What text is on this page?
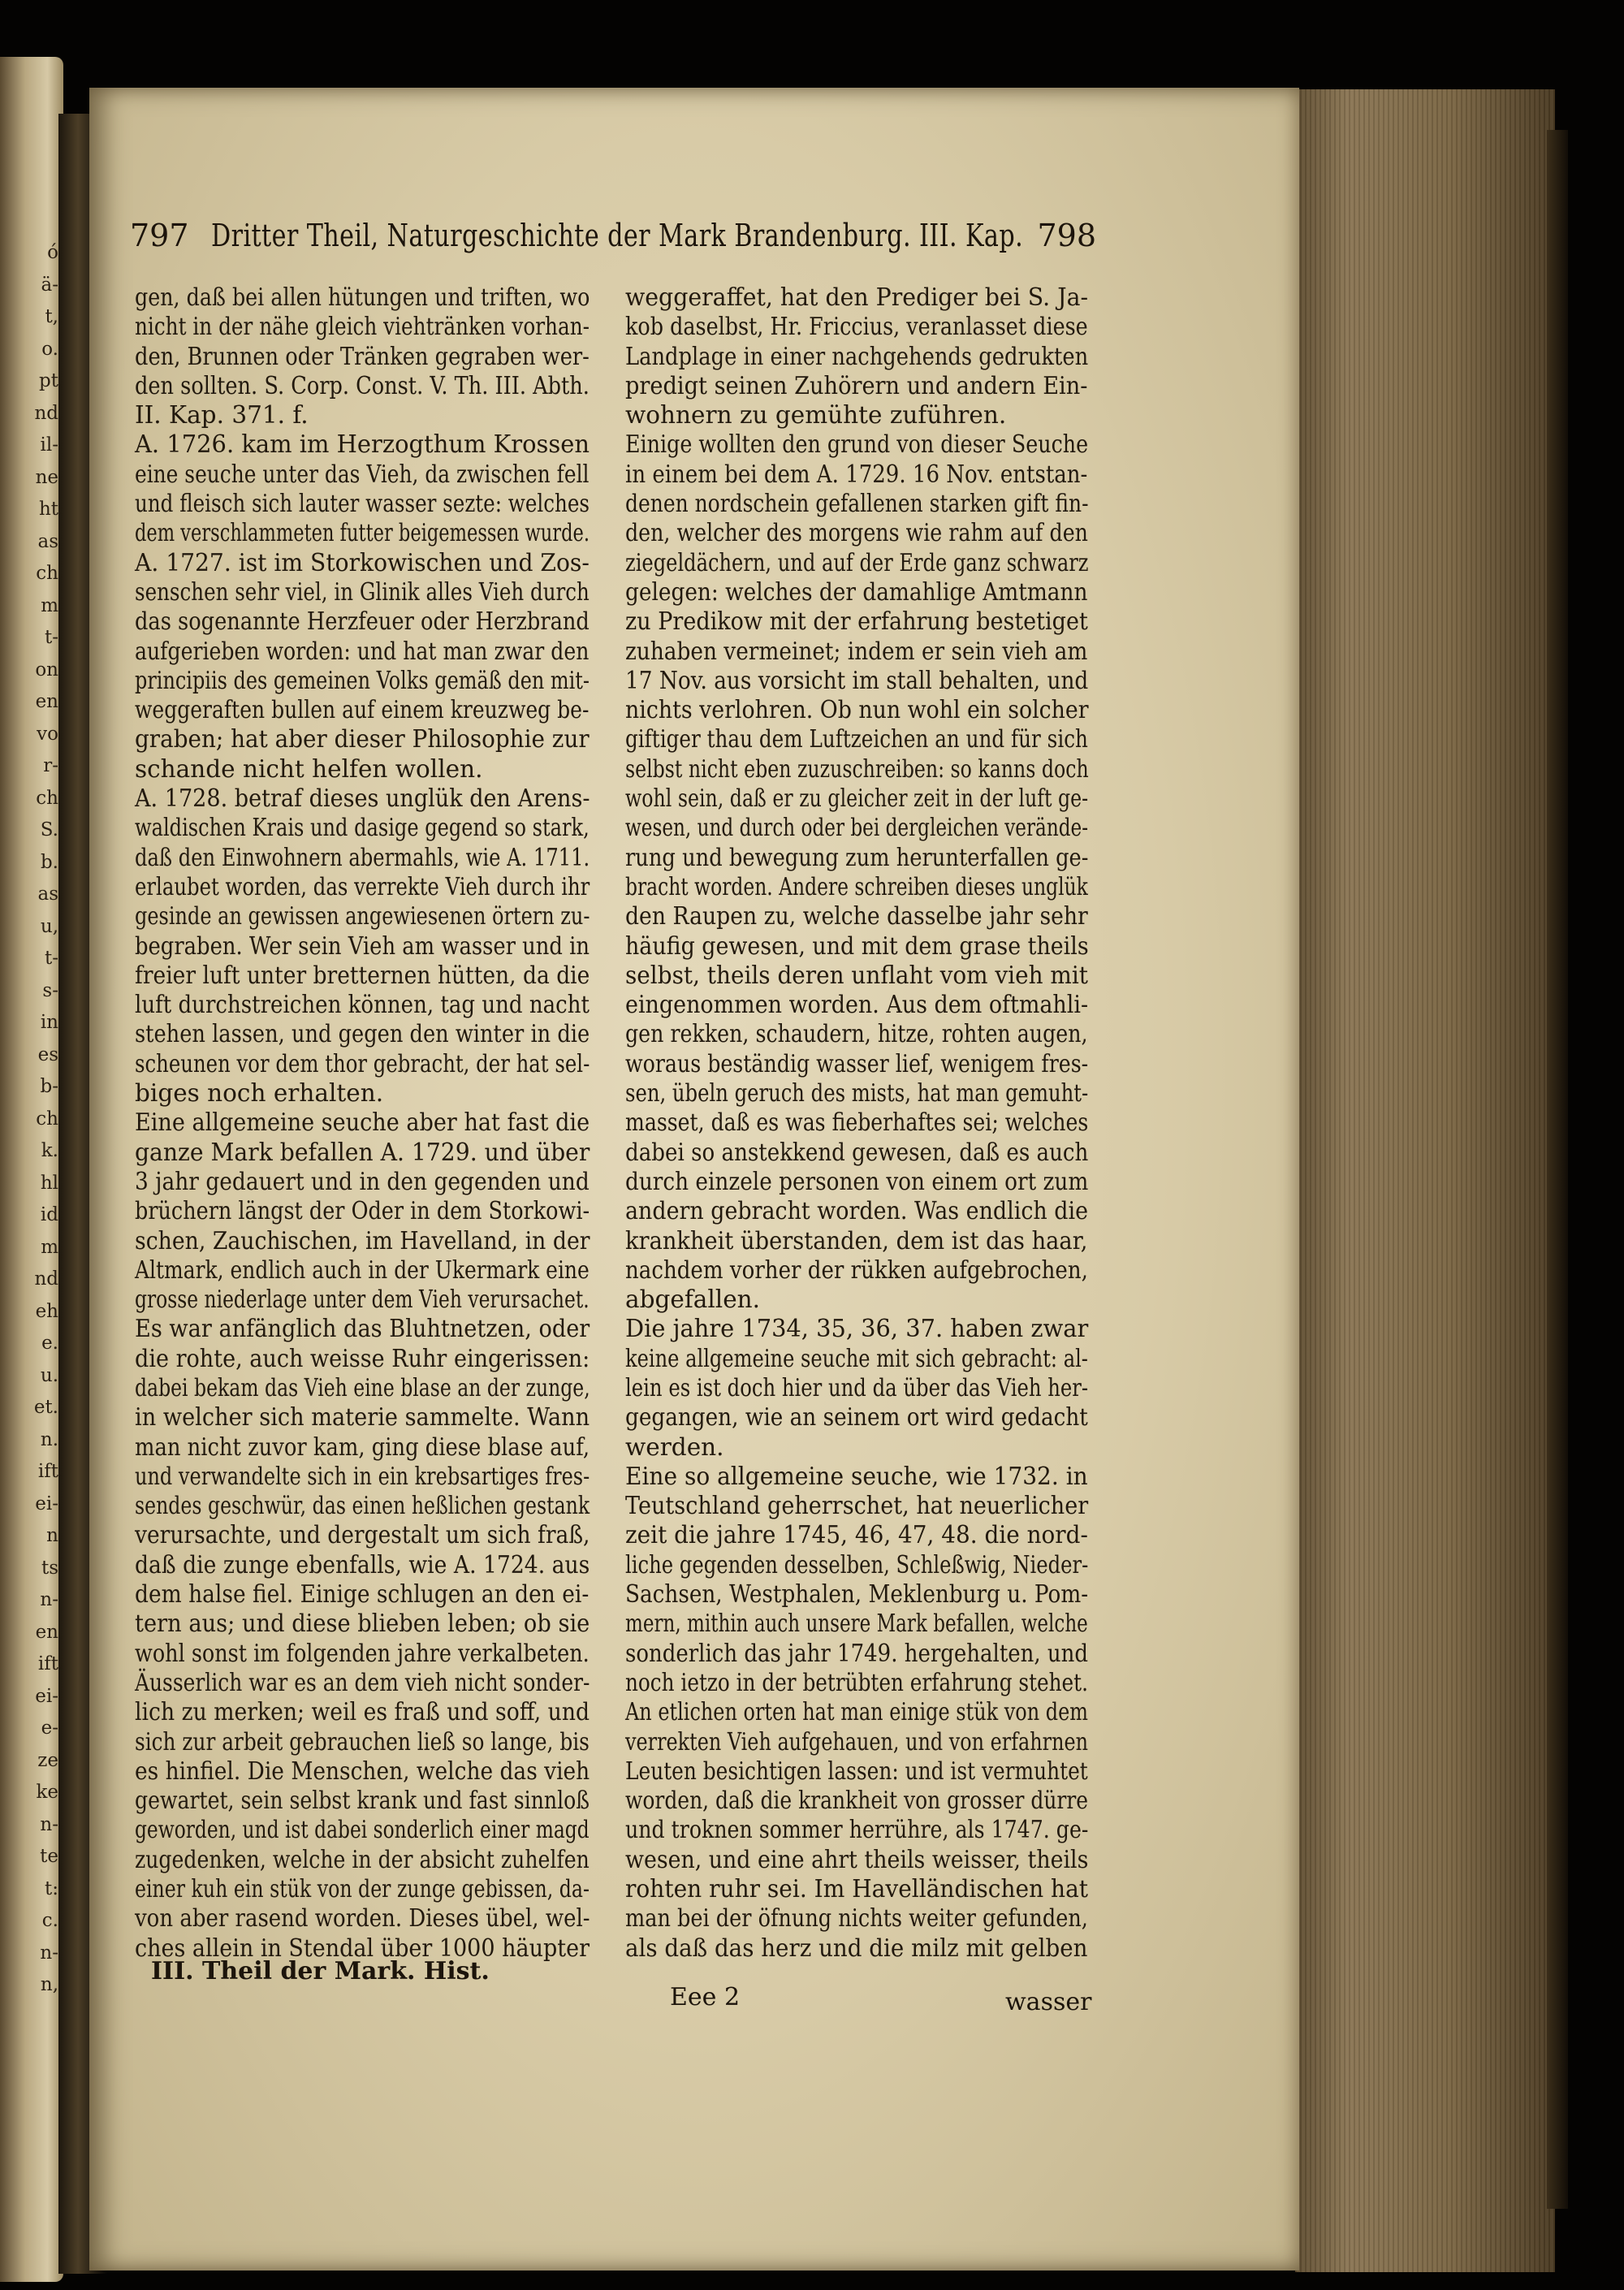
ó
ä-
t,
o.
pt
nd
il-
ne
ht
as
ch
m
t-
on
en
vo
r-
ch
S.
b.
as
u,
t-
s-
in
es
b-
ch
k.
hl
id
m
nd
eh
e.
u.
et.
n.
ift
ei-
n
ts
n-
en
ift
ei-
e-
ze
ke
n-
te
t:
c.
n-
n,
797 Dritter Theil, Naturgeschichte der Mark Brandenburg. III. Kap. 798
gen, daß bei allen hütungen und triften, wo
nicht in der nähe gleich viehtränken vorhan-
den, Brunnen oder Tränken gegraben wer-
den sollten. S. Corp. Const. V. Th. III. Abth.
II. Kap. 371. f.
A. 1726. kam im Herzogthum Krossen
eine seuche unter das Vieh, da zwischen fell
und fleisch sich lauter wasser sezte: welches
dem verschlammeten futter beigemessen wurde.
A. 1727. ist im Storkowischen und Zos-
senschen sehr viel, in Glinik alles Vieh durch
das sogenannte Herzfeuer oder Herzbrand
aufgerieben worden: und hat man zwar den
principiis des gemeinen Volks gemäß den mit-
weggeraften bullen auf einem kreuzweg be-
graben; hat aber dieser Philosophie zur
schande nicht helfen wollen.
A. 1728. betraf dieses unglük den Arens-
waldischen Krais und dasige gegend so stark,
daß den Einwohnern abermahls, wie A. 1711.
erlaubet worden, das verrekte Vieh durch ihr
gesinde an gewissen angewiesenen örtern zu-
begraben. Wer sein Vieh am wasser und in
freier luft unter bretternen hütten, da die
luft durchstreichen können, tag und nacht
stehen lassen, und gegen den winter in die
scheunen vor dem thor gebracht, der hat sel-
biges noch erhalten.
Eine allgemeine seuche aber hat fast die
ganze Mark befallen A. 1729. und über
3 jahr gedauert und in den gegenden und
brüchern längst der Oder in dem Storkowi-
schen, Zauchischen, im Havelland, in der
Altmark, endlich auch in der Ukermark eine
grosse niederlage unter dem Vieh verursachet.
Es war anfänglich das Bluhtnetzen, oder
die rohte, auch weisse Ruhr eingerissen:
dabei bekam das Vieh eine blase an der zunge,
in welcher sich materie sammelte. Wann
man nicht zuvor kam, ging diese blase auf,
und verwandelte sich in ein krebsartiges fres-
sendes geschwür, das einen heßlichen gestank
verursachte, und dergestalt um sich fraß,
daß die zunge ebenfalls, wie A. 1724. aus
dem halse fiel. Einige schlugen an den ei-
tern aus; und diese blieben leben; ob sie
wohl sonst im folgenden jahre verkalbeten.
Äusserlich war es an dem vieh nicht sonder-
lich zu merken; weil es fraß und soff, und
sich zur arbeit gebrauchen ließ so lange, bis
es hinfiel. Die Menschen, welche das vieh
gewartet, sein selbst krank und fast sinnloß
geworden, und ist dabei sonderlich einer magd
zugedenken, welche in der absicht zuhelfen
einer kuh ein stük von der zunge gebissen, da-
von aber rasend worden. Dieses übel, wel-
ches allein in Stendal über 1000 häupter
weggeraffet, hat den Prediger bei S. Ja-
kob daselbst, Hr. Friccius, veranlasset diese
Landplage in einer nachgehends gedrukten
predigt seinen Zuhörern und andern Ein-
wohnern zu gemühte zuführen.
Einige wollten den grund von dieser Seuche
in einem bei dem A. 1729. 16 Nov. entstan-
denen nordschein gefallenen starken gift fin-
den, welcher des morgens wie rahm auf den
ziegeldächern, und auf der Erde ganz schwarz
gelegen: welches der damahlige Amtmann
zu Predikow mit der erfahrung bestetiget
zuhaben vermeinet; indem er sein vieh am
17 Nov. aus vorsicht im stall behalten, und
nichts verlohren. Ob nun wohl ein solcher
giftiger thau dem Luftzeichen an und für sich
selbst nicht eben zuzuschreiben: so kanns doch
wohl sein, daß er zu gleicher zeit in der luft ge-
wesen, und durch oder bei dergleichen verände-
rung und bewegung zum herunterfallen ge-
bracht worden. Andere schreiben dieses unglük
den Raupen zu, welche dasselbe jahr sehr
häufig gewesen, und mit dem grase theils
selbst, theils deren unflaht vom vieh mit
eingenommen worden. Aus dem oftmahli-
gen rekken, schaudern, hitze, rohten augen,
woraus beständig wasser lief, wenigem fres-
sen, übeln geruch des mists, hat man gemuht-
masset, daß es was fieberhaftes sei; welches
dabei so anstekkend gewesen, daß es auch
durch einzele personen von einem ort zum
andern gebracht worden. Was endlich die
krankheit überstanden, dem ist das haar,
nachdem vorher der rükken aufgebrochen,
abgefallen.
Die jahre 1734, 35, 36, 37. haben zwar
keine allgemeine seuche mit sich gebracht: al-
lein es ist doch hier und da über das Vieh her-
gegangen, wie an seinem ort wird gedacht
werden.
Eine so allgemeine seuche, wie 1732. in
Teutschland geherrschet, hat neuerlicher
zeit die jahre 1745, 46, 47, 48. die nord-
liche gegenden desselben, Schleßwig, Nieder-
Sachsen, Westphalen, Meklenburg u. Pom-
mern, mithin auch unsere Mark befallen, welche
sonderlich das jahr 1749. hergehalten, und
noch ietzo in der betrübten erfahrung stehet.
An etlichen orten hat man einige stük von dem
verrekten Vieh aufgehauen, und von erfahrnen
Leuten besichtigen lassen: und ist vermuhtet
worden, daß die krankheit von grosser dürre
und troknen sommer herrühre, als 1747. ge-
wesen, und eine ahrt theils weisser, theils
rohten ruhr sei. Im Havelländischen hat
man bei der öfnung nichts weiter gefunden,
als daß das herz und die milz mit gelben
III. Theil der Mark. Hist.
Eee 2	wasser
